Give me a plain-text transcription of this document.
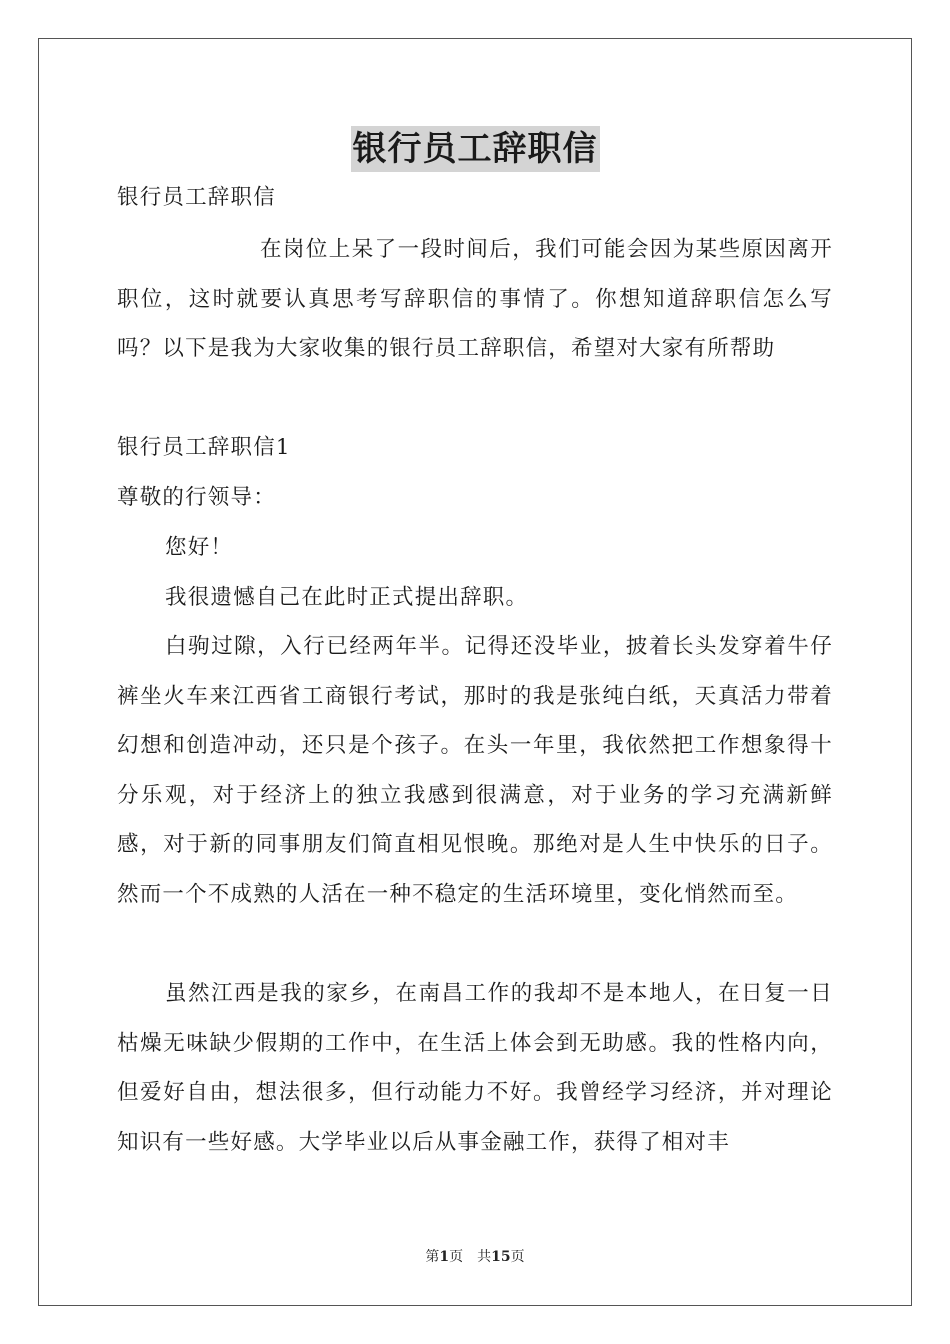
银行员工辞职信
银行员工辞职信
在岗位上呆了一段时间后，我们可能会因为某些原因离开职位，这时就要认真思考写辞职信的事情了。你想知道辞职信怎么写吗？以下是我为大家收集的银行员工辞职信，希望对大家有所帮助
银行员工辞职信1
尊敬的行领导：
您好！
我很遗憾自己在此时正式提出辞职。
白驹过隙，入行已经两年半。记得还没毕业，披着长头发穿着牛仔裤坐火车来江西省工商银行考试，那时的我是张纯白纸，天真活力带着幻想和创造冲动，还只是个孩子。在头一年里，我依然把工作想象得十分乐观，对于经济上的独立我感到很满意，对于业务的学习充满新鲜感，对于新的同事朋友们简直相见恨晚。那绝对是人生中快乐的日子。然而一个不成熟的人活在一种不稳定的生活环境里，变化悄然而至。
虽然江西是我的家乡，在南昌工作的我却不是本地人，在日复一日枯燥无味缺少假期的工作中，在生活上体会到无助感。我的性格内向，但爱好自由，想法很多，但行动能力不好。我曾经学习经济，并对理论知识有一些好感。大学毕业以后从事金融工作，获得了相对丰
第1页　共15页
